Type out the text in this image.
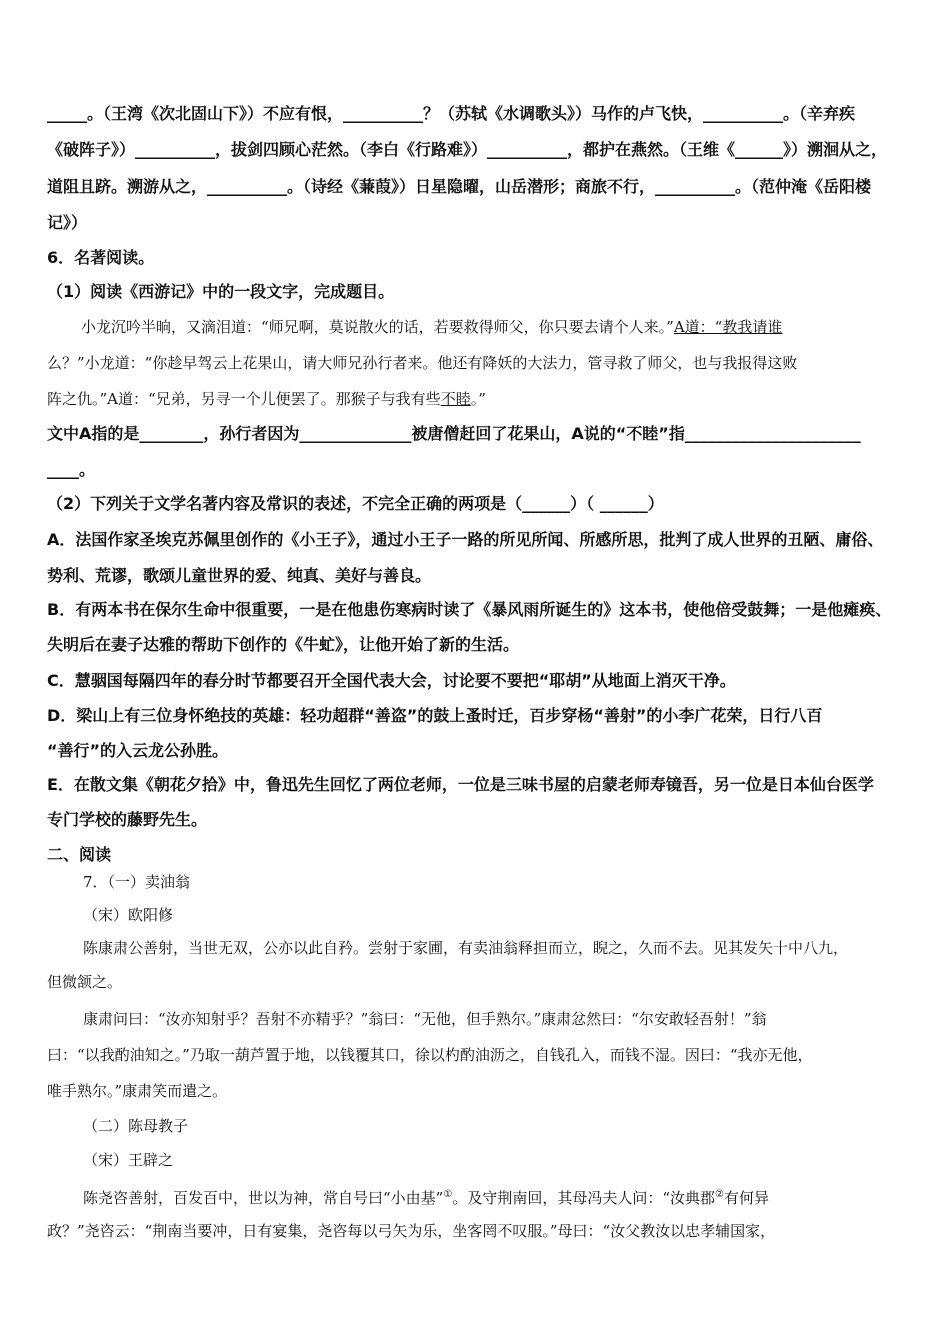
_____。（王湾《次北固山下》）不应有恨，__________？（苏轼《水调歌头》）马作的卢飞快，__________。（辛弃疾

《破阵子》）__________，拔剑四顾心茫然。（李白《行路难》）__________，都护在燕然。（王维《______》）溯洄从之，

道阻且跻。溯游从之，__________。（诗经《蒹葭》）日星隐曜，山岳潜形；商旅不行，__________。（范仲淹《岳阳楼

记》）

6．名著阅读。

（1）阅读《西游记》中的一段文字，完成题目。

小龙沉吟半晌，又滴泪道：“师兄啊，莫说散火的话，若要救得师父，你只要去请个人来。”A道：“教我请谁

么？”小龙道：“你趁早驾云上花果山，请大师兄孙行者来。他还有降妖的大法力，管寻救了师父，也与我报得这败

阵之仇。”A道：“兄弟，另寻一个儿便罢了。那猴子与我有些不睦。”

文中A指的是________，孙行者因为______________被唐僧赶回了花果山，A说的“不睦”指______________________

____。

（2）下列关于文学名著内容及常识的表述，不完全正确的两项是（______）（ ______）

A．法国作家圣埃克苏佩里创作的《小王子》，通过小王子一路的所见所闻、所感所思，批判了成人世界的丑陋、庸俗、

势利、荒谬，歌颂儿童世界的爱、纯真、美好与善良。

B．有两本书在保尔生命中很重要，一是在他患伤寒病时读了《暴风雨所诞生的》这本书，使他倍受鼓舞；一是他瘫痪、

失明后在妻子达雅的帮助下创作的《牛虻》，让他开始了新的生活。

C．慧骃国每隔四年的春分时节都要召开全国代表大会，讨论要不要把“耶胡”从地面上消灭干净。

D．梁山上有三位身怀绝技的英雄：轻功超群“善盗”的鼓上蚤时迁，百步穿杨“善射”的小李广花荣，日行八百

“善行”的入云龙公孙胜。

E．在散文集《朝花夕拾》中，鲁迅先生回忆了两位老师，一位是三味书屋的启蒙老师寿镜吾，另一位是日本仙台医学

专门学校的藤野先生。

二、阅读

7．（一）卖油翁

（宋）欧阳修

陈康肃公善射，当世无双，公亦以此自矜。尝射于家圃，有卖油翁释担而立，睨之，久而不去。见其发矢十中八九，

但微颔之。

康肃问曰：“汝亦知射乎？吾射不亦精乎？”翁曰：“无他，但手熟尔。”康肃忿然曰：“尔安敢轻吾射！”翁

曰：“以我酌油知之。”乃取一葫芦置于地，以钱覆其口，徐以杓酌油沥之，自钱孔入，而钱不湿。因曰：“我亦无他，

唯手熟尔。”康肃笑而遣之。

（二）陈母教子

（宋）王辟之

陈尧咨善射，百发百中，世以为神，常自号曰“小由基”①。及守荆南回，其母冯夫人问：“汝典郡②有何异

政？”尧咨云：“荆南当要冲，日有宴集，尧咨每以弓矢为乐，坐客罔不叹服。”母曰：“汝父教汝以忠孝辅国家，
